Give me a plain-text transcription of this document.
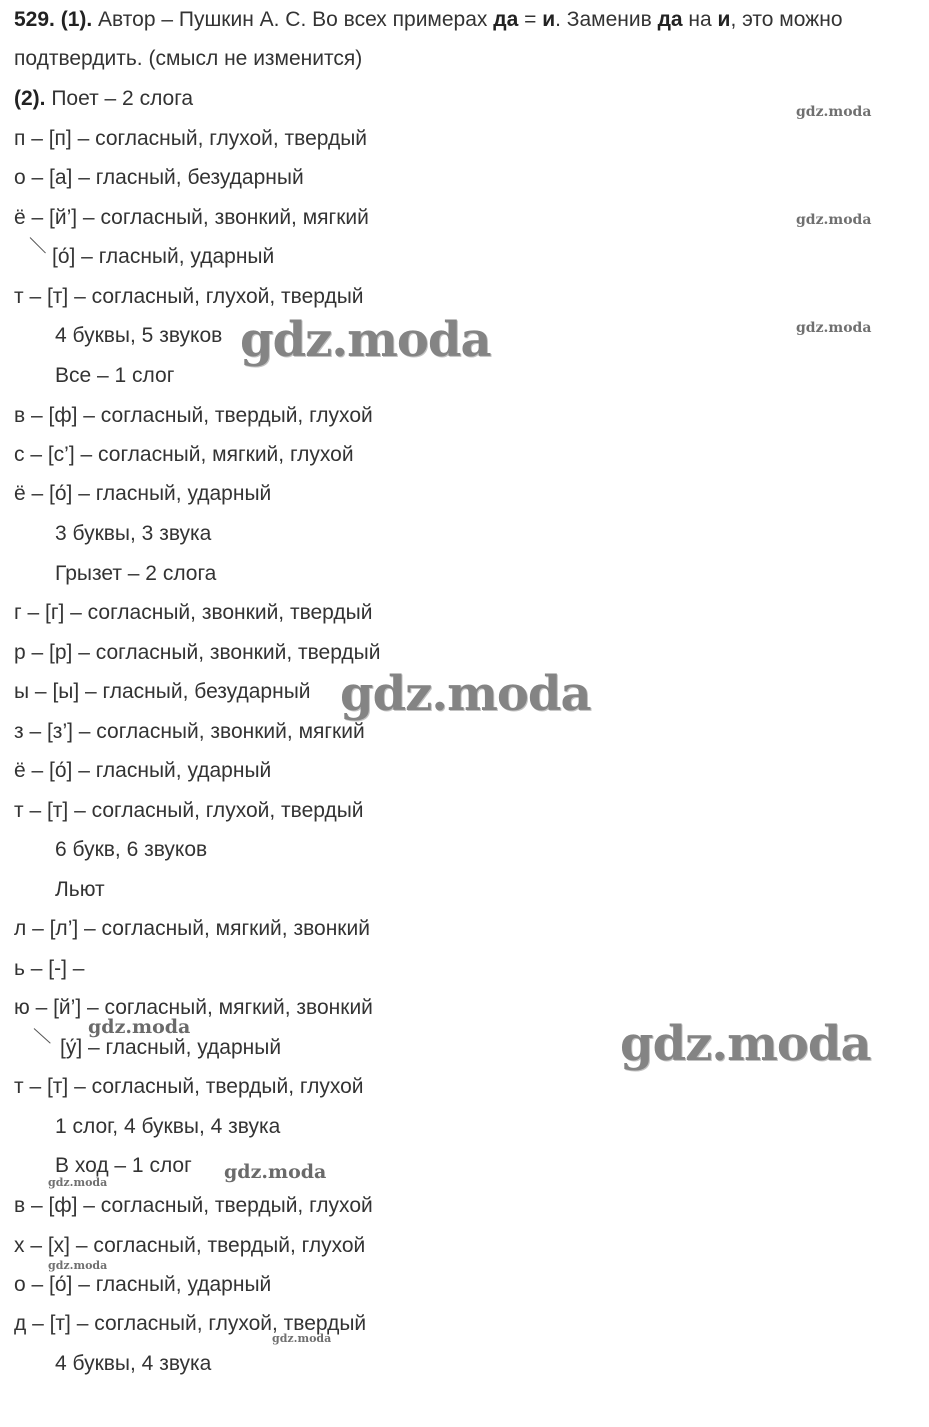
529. (1). Автор – Пушкин А. С. Во всех примерах да = и. Заменив да на и, это можно
подтвердить. (смысл не изменится)
(2). Поет – 2 слога
п – [п] – согласный, глухой, твердый
о – [а] – гласный, безударный
ё – [й’] – согласный, звонкий, мягкий
[о́] – гласный, ударный
т – [т] – согласный, глухой, твердый
4 буквы, 5 звуков
Все – 1 слог
в – [ф] – согласный, твердый, глухой
с – [с’] – согласный, мягкий, глухой
ё – [о́] – гласный, ударный
3 буквы, 3 звука
Грызет – 2 слога
г – [г] – согласный, звонкий, твердый
р – [р] – согласный, звонкий, твердый
ы – [ы] – гласный, безударный
з – [з’] – согласный, звонкий, мягкий
ё – [о́] – гласный, ударный
т – [т] – согласный, глухой, твердый
6 букв, 6 звуков
Льют
л – [л’] – согласный, мягкий, звонкий
ь – [-] –
ю – [й’] – согласный, мягкий, звонкий
[у́] – гласный, ударный
т – [т] – согласный, твердый, глухой
1 слог, 4 буквы, 4 звука
В ход – 1 слог
в – [ф] – согласный, твердый, глухой
х – [х] – согласный, твердый, глухой
о – [о́] – гласный, ударный
д – [т] – согласный, глухой, твердый
4 буквы, 4 звука
gdz.moda
gdz.moda
gdz.moda
gdz.moda
gdz.moda
gdz.moda
gdz.moda
gdz.moda
gdz.moda
gdz.moda
gdz.moda
